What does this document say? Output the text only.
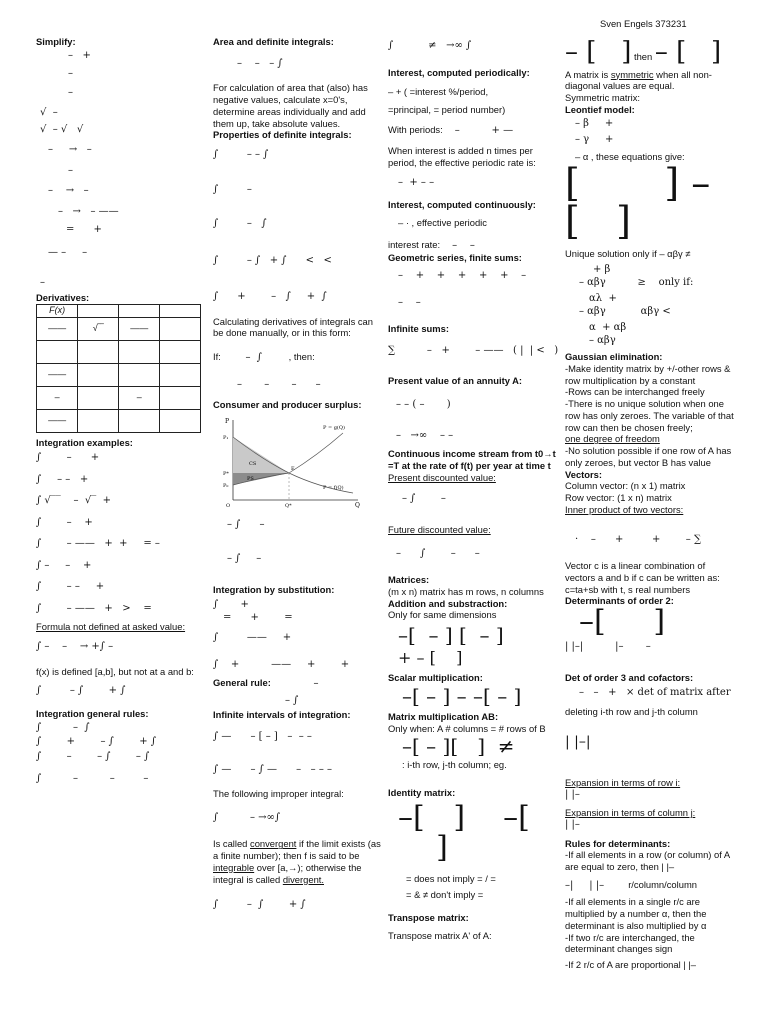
Sven Engels 373231
Simplify:
–   +
–
–
√  –
√  – √   √
–     →   –
–
–    →   –
–   →   – ——
=      +
— –     –
–
Derivatives:
F(x)			
——	√‾‾	——	

——			
–		–	
——			
Integration examples:
∫        –      +
∫     – –   +
∫ √‾‾    –  √‾  +
∫        –    +
∫        – ——   +  +     = –
∫ –     –    +
∫        – –     +
∫        – ——   +   >    =
Formula not defined at asked value:
∫ –    –    → +∫ –
f(x) is defined [a,b], but not at a and b:
∫         – ∫        + ∫
Integration general rules:
∫          –  ∫
∫        +        – ∫        + ∫
∫        –        – ∫        – ∫
∫          –          –         –
Area and definite integrals:
–    –   – ∫
For calculation of area that (also) has negative values, calculate x=0's, determine areas individually and add them up, take absolute values.
Properties of definite integrals:
∫         – – ∫
∫         –
∫         –   ∫
∫         – ∫   + ∫      <   <
∫      +        –   ∫     +  ∫
Calculating derivatives of integrals can be done manually, or in this form:
If: –  ∫	, then:
–       –       –      –
Consumer and producer surplus:
P
P = g(Q)
P = f(Q)
CS
PS
P*
Q*	Q
O
E
P₁
P₀
– ∫      –
– ∫     –
Integration by substitution:
∫       +
=      +        =
∫         ——     +
∫    +          ——     +        +
General rule:	–
– ∫
Infinite intervals of integration:
∫ —      – [ – ]   –  – –
∫ —      – ∫ —      –   – – –
The following improper integral:
∫          – →∞∫
Is called convergent if the limit exists (as a finite number); then f is said to be integrable over [a,→); otherwise the integral is called divergent.
∫         –  ∫        + ∫
∫           ≠   →∞ ∫
Interest, computed periodically:
– + ( =interest %/period,
=principal, = period number)
With periods: –          + —
When interest is added n times per period, the effective periodic rate is:
–  + – –
Interest, computed continuously:
– · , effective periodic
interest rate: –    –
Geometric series, finite sums:
–    +    +    +    +    +    –
–    –
Infinite sums:
∑          –   +        – ——   ( |  | <   )
Present value of an annuity A:
– – ( –       )
–   →∞    – –
Continuous income stream from t0→t =T at the rate of f(t) per year at time t
Present discounted value:
– ∫        –
Future discounted value:
–      ∫        –      –
Matrices:
(m x n) matrix has m rows, n columns
Addition and substraction:
Only for same dimensions
–[  – ] [  – ]
+ – [    ]
Scalar multiplication:
–[ – ] – –[ – ]
Matrix multiplication AB:
Only when: A # columns = # rows of B
–[ – ][   ]  ≠
: i-th row, j-th column; eg.
Identity matrix:
–[   ]    –[     ]
= does not imply = / =
= & ≠ don't imply =
Transpose matrix:
Transpose matrix A' of A:
– [   ] then – [   ]
A matrix is symmetric when all non-diagonal values are equal.
Symmetric matrix:
Leontief model:
– β     +
– γ     +
– α , these equations give:
[       ] – [   ]
Unique solution only if – αβγ ≠
+ β
– αβγ          ≥    only if:
αλ  +
– αβγ           αβγ <
α  + αβ
– αβγ
Gaussian elimination:
-Make identity matrix by +/-other rows & row multiplication by a constant
-Rows can be interchanged freely
-There is no unique solution when one row has only zeroes. The variable of that row can then be chosen freely;
one degree of freedom
-No solution possible if one row of A has only zeroes, but vector B has value
Vectors:
Column vector: (n x 1) matrix
Row vector: (1 x n) matrix
Inner product of two vectors:
·    –      +         +        – ∑
Vector c is a linear combination of vectors a and b if c can be written as: c=ta+sb with t, s real numbers
Determinants of order 2:
–[     ]
| |–|          |–       –
Det of order 3 and cofactors:
–   –   +   × det of matrix after
deleting i-th row and j-th column
| |–|
Expansion in terms of row i:
| |–
Expansion in terms of column j:
| |–
Rules for determinants:
-If all elements in a row (or column) of A are equal to zero, then | |–
–|     | |–	r/column/column
-If all elements in a single r/c are multiplied by a number α, then the determinant is also multiplied by α
-If two r/c are interchanged, the determinant changes sign
-If 2 r/c of A are proportional | |–
